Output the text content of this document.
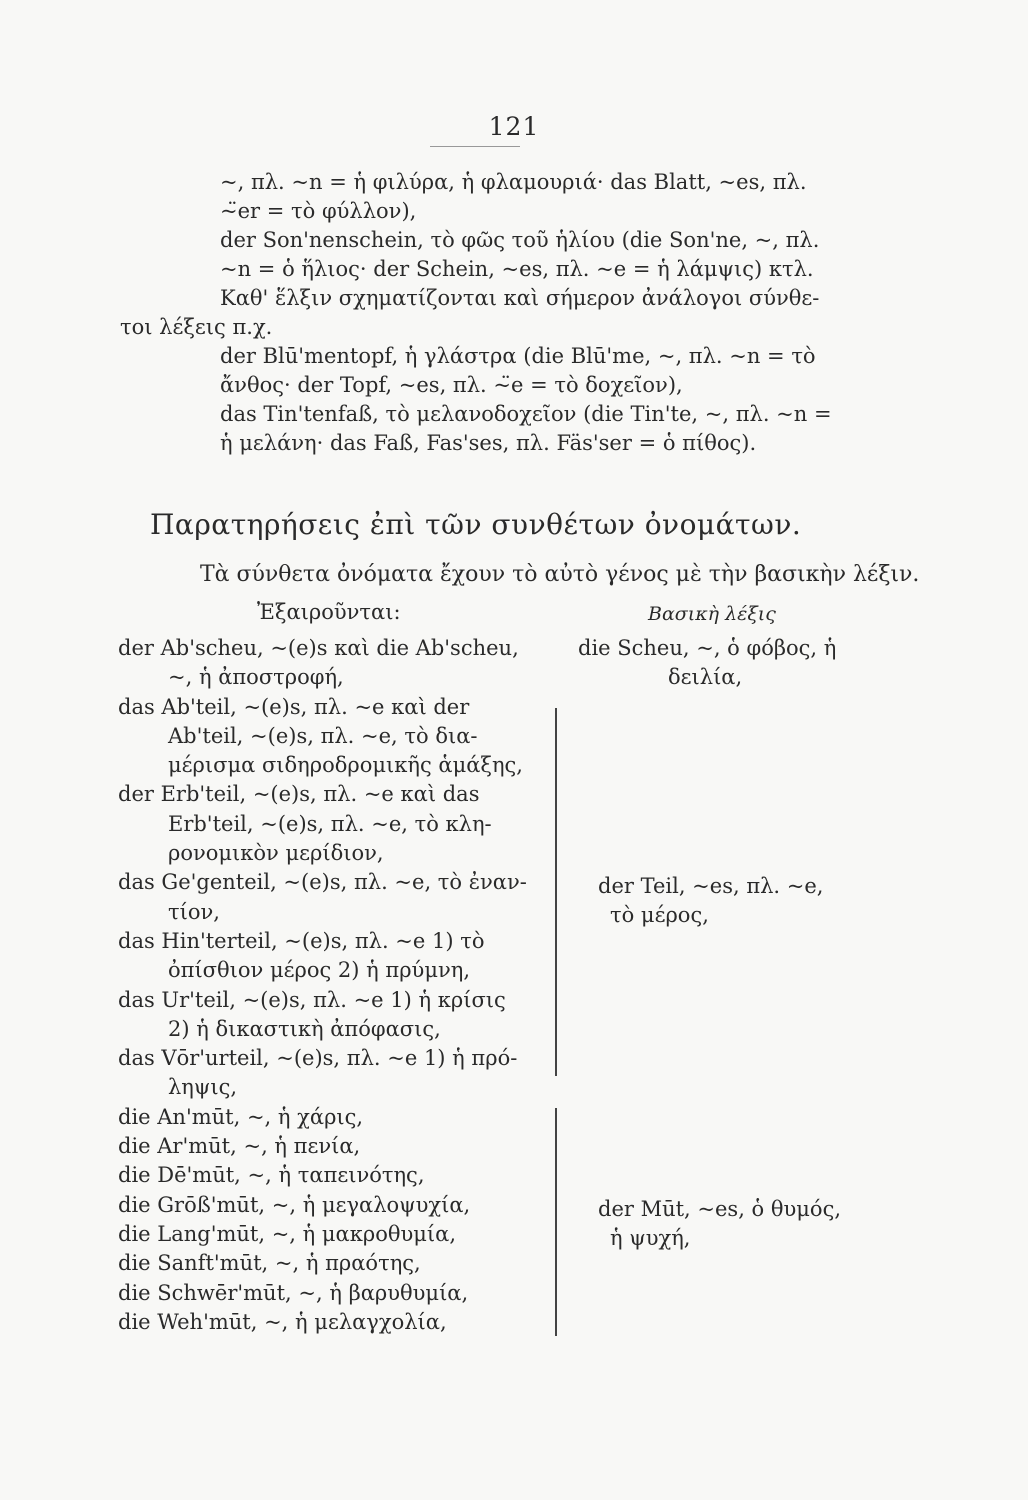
121
~, πλ. ~n = ἡ φιλύρα, ἡ φλαμουριά· das Blatt, ~es, πλ.
~̈er = τὸ φύλλον),
der Son'nenschein, τὸ φῶς τοῦ ἡλίου (die Son'ne, ~, πλ.
~n = ὁ ἥλιος· der Schein, ~es, πλ. ~e = ἡ λάμψις) κτλ.
Καθ' ἕλξιν σχηματίζονται καὶ σήμερον ἀνάλογοι σύνθε-
τοι λέξεις π.χ.
der Blū'mentopf, ἡ γλάστρα (die Blū'me, ~, πλ. ~n = τὸ
ἄνθος· der Topf, ~es, πλ. ~̈e = τὸ δοχεῖον),
das Tin'tenfaß, τὸ μελανοδοχεῖον (die Tin'te, ~, πλ. ~n =
ἡ μελάνη· das Faß, Fas'ses, πλ. Fäs'ser = ὁ πίθος).
Παρατηρήσεις ἐπὶ τῶν συνθέτων ὀνομάτων.
Τὰ σύνθετα ὀνόματα ἔχουν τὸ αὐτὸ γένος μὲ τὴν βασικὴν λέξιν.
Ἐξαιροῦνται:	Βασικὴ λέξις
der Ab'scheu, ~(e)s καὶ die Ab'scheu,
~, ἡ ἀποστροφή,
das Ab'teil, ~(e)s, πλ. ~e καὶ der
Ab'teil, ~(e)s, πλ. ~e, τὸ δια-
μέρισμα σιδηροδρομικῆς ἁμάξης,
der Erb'teil, ~(e)s, πλ. ~e καὶ das
Erb'teil, ~(e)s, πλ. ~e, τὸ κλη-
ρονομικὸν μερίδιον,
das Ge'genteil, ~(e)s, πλ. ~e, τὸ ἐναν-
τίον,
das Hin'terteil, ~(e)s, πλ. ~e 1) τὸ
ὀπίσθιον μέρος 2) ἡ πρύμνη,
das Ur'teil, ~(e)s, πλ. ~e 1) ἡ κρίσις
2) ἡ δικαστικὴ ἀπόφασις,
das Vōr'urteil, ~(e)s, πλ. ~e 1) ἡ πρό-
ληψις,
die An'mūt, ~, ἡ χάρις,
die Ar'mūt, ~, ἡ πενία,
die Dē'mūt, ~, ἡ ταπεινότης,
die Grōß'mūt, ~, ἡ μεγαλοψυχία,
die Lang'mūt, ~, ἡ μακροθυμία,
die Sanft'mūt, ~, ἡ πραότης,
die Schwēr'mūt, ~, ἡ βαρυθυμία,
die Weh'mūt, ~, ἡ μελαγχολία,
die Scheu, ~, ὁ φόβος, ἡ
δειλία,
der Teil, ~es, πλ. ~e,
τὸ μέρος,
der Mūt, ~es, ὁ θυμός,
ἡ ψυχή,
